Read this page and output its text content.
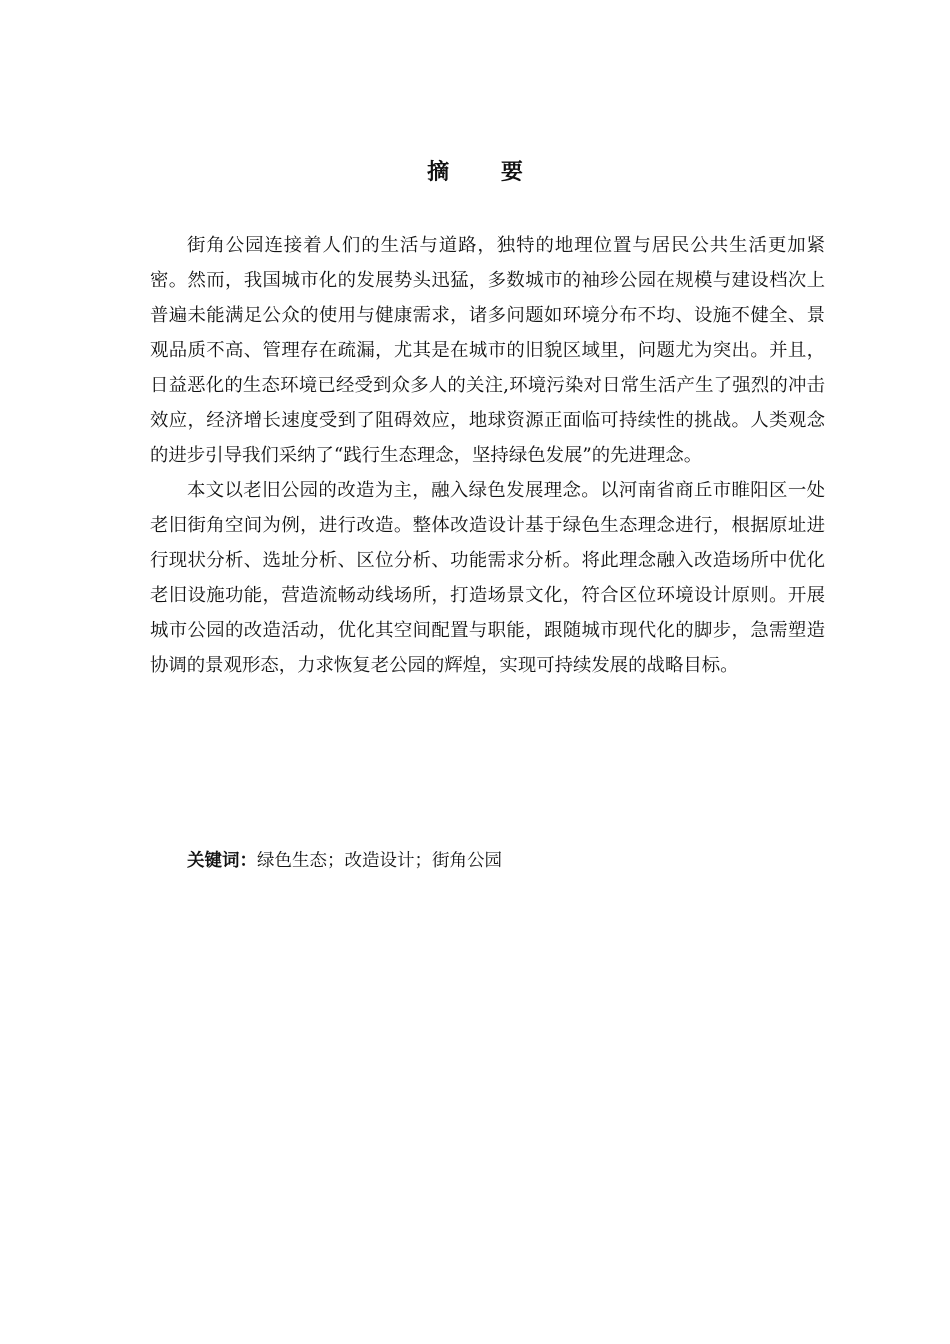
摘 要

街角公园连接着人们的生活与道路，独特的地理位置与居民公共生活更加紧密。然而，我国城市化的发展势头迅猛，多数城市的袖珍公园在规模与建设档次上普遍未能满足公众的使用与健康需求，诸多问题如环境分布不均、设施不健全、景观品质不高、管理存在疏漏，尤其是在城市的旧貌区域里，问题尤为突出。并且，日益恶化的生态环境已经受到众多人的关注,环境污染对日常生活产生了强烈的冲击效应，经济增长速度受到了阻碍效应，地球资源正面临可持续性的挑战。人类观念的进步引导我们采纳了“践行生态理念，坚持绿色发展”的先进理念。

本文以老旧公园的改造为主，融入绿色发展理念。以河南省商丘市睢阳区一处老旧街角空间为例，进行改造。整体改造设计基于绿色生态理念进行，根据原址进行现状分析、选址分析、区位分析、功能需求分析。将此理念融入改造场所中优化老旧设施功能，营造流畅动线场所，打造场景文化，符合区位环境设计原则。开展城市公园的改造活动，优化其空间配置与职能，跟随城市现代化的脚步，急需塑造协调的景观形态，力求恢复老公园的辉煌，实现可持续发展的战略目标。

关键词：绿色生态；改造设计；街角公园
